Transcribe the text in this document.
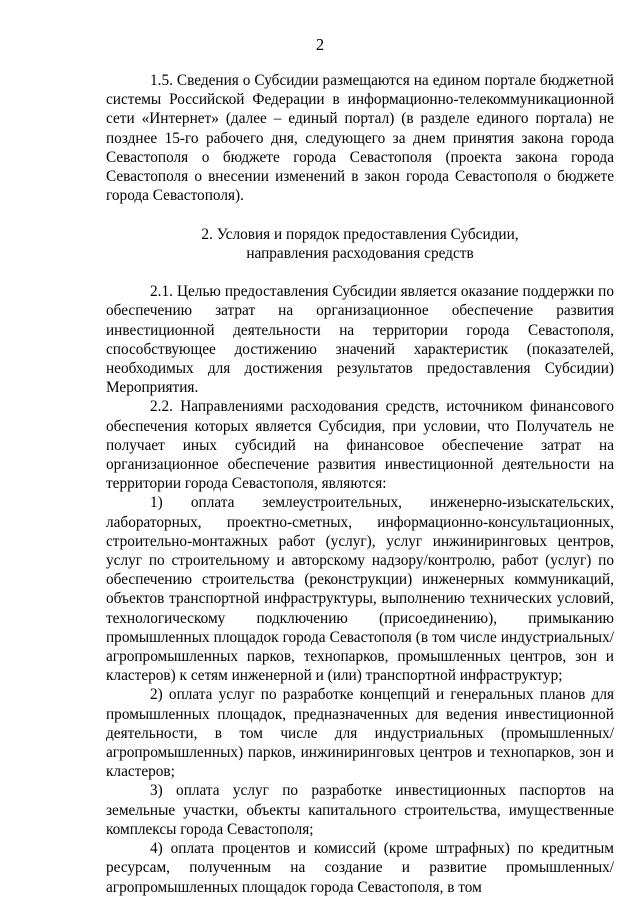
2

1.5. Сведения о Субсидии размещаются на едином портале бюджетной системы Российской Федерации в информационно-телекоммуникационной сети «Интернет» (далее – единый портал) (в разделе единого портала) не позднее 15-го рабочего дня, следующего за днем принятия закона города Севастополя о бюджете города Севастополя (проекта закона города Севастополя о внесении изменений в закон города Севастополя о бюджете города Севастополя).

2. Условия и порядок предоставления Субсидии,

направления расходования средств

2.1. Целью предоставления Субсидии является оказание поддержки по обеспечению затрат на организационное обеспечение развития инвестиционной деятельности на территории города Севастополя, способствующее достижению значений характеристик (показателей, необходимых для достижения результатов предоставления Субсидии) Мероприятия.

2.2. Направлениями расходования средств, источником финансового обеспечения которых является Субсидия, при условии, что Получатель не получает иных субсидий на финансовое обеспечение затрат на организационное обеспечение развития инвестиционной деятельности на территории города Севастополя, являются:

1) оплата землеустроительных, инженерно-изыскательских, лабораторных, проектно-сметных, информационно-консультационных, строительно-монтажных работ (услуг), услуг инжиниринговых центров, услуг по строительному и авторскому надзору/контролю, работ (услуг) по обеспечению строительства (реконструкции) инженерных коммуникаций, объектов транспортной инфраструктуры, выполнению технических условий, технологическому подключению (присоединению), примыканию промышленных площадок города Севастополя (в том числе индустриальных/агропромышленных парков, технопарков, промышленных центров, зон и кластеров) к сетям инженерной и (или) транспортной инфраструктур;

2) оплата услуг по разработке концепций и генеральных планов для промышленных площадок, предназначенных для ведения инвестиционной деятельности, в том числе для индустриальных (промышленных/агропромышленных) парков, инжиниринговых центров и технопарков, зон и кластеров;

3) оплата услуг по разработке инвестиционных паспортов на земельные участки, объекты капитального строительства, имущественные комплексы города Севастополя;

4) оплата процентов и комиссий (кроме штрафных) по кредитным ресурсам, полученным на создание и развитие промышленных/агропромышленных площадок города Севастополя, в том
